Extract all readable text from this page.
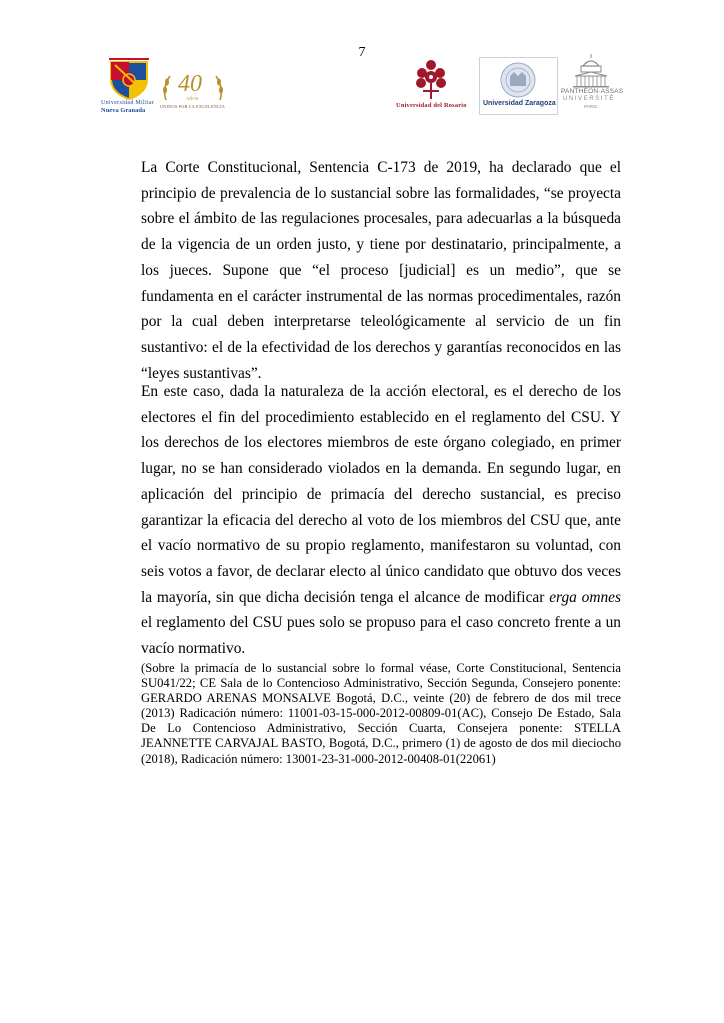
7
Universidad Militar
Nueva Granada
40
AÑOS
UNIDOS POR LA EXCELENCIA	Universidad del Rosario Universidad Zaragoza
PANTHÉON·ASSAS
UNIVERSITÉ
PARIS

La Corte Constitucional, Sentencia C-173 de 2019, ha declarado que el principio de prevalencia de lo sustancial sobre las formalidades, “se proyecta sobre el ámbito de las regulaciones procesales, para adecuarlas a la búsqueda de la vigencia de un orden justo, y tiene por destinatario, principalmente, a los jueces. Supone que “el proceso [judicial] es un medio”, que se fundamenta en el carácter instrumental de las normas procedimentales, razón por la cual deben interpretarse teleológicamente al servicio de un fin sustantivo: el de la efectividad de los derechos y garantías reconocidos en las “leyes sustantivas”.

En este caso, dada la naturaleza de la acción electoral, es el derecho de los electores el fin del procedimiento establecido en el reglamento del CSU. Y los derechos de los electores miembros de este órgano colegiado, en primer lugar, no se han considerado violados en la demanda. En segundo lugar, en aplicación del principio de primacía del derecho sustancial, es preciso garantizar la eficacia del derecho al voto de los miembros del CSU que, ante el vacío normativo de su propio reglamento, manifestaron su voluntad, con seis votos a favor, de declarar electo al único candidato que obtuvo dos veces la mayoría, sin que dicha decisión tenga el alcance de modificar erga omnes el reglamento del CSU pues solo se propuso para el caso concreto frente a un vacío normativo.

(Sobre la primacía de lo sustancial sobre lo formal véase, Corte Constitucional, Sentencia SU041/22; CE Sala de lo Contencioso Administrativo, Sección Segunda, Consejero ponente: GERARDO ARENAS MONSALVE Bogotá, D.C., veinte (20) de febrero de dos mil trece (2013) Radicación número: 11001-03-15-000-2012-00809-01(AC), Consejo De Estado, Sala De Lo Contencioso Administrativo, Sección Cuarta, Consejera ponente: STELLA JEANNETTE CARVAJAL BASTO, Bogotá, D.C., primero (1) de agosto de dos mil dieciocho (2018), Radicación número: 13001-23-31-000-2012-00408-01(22061)
